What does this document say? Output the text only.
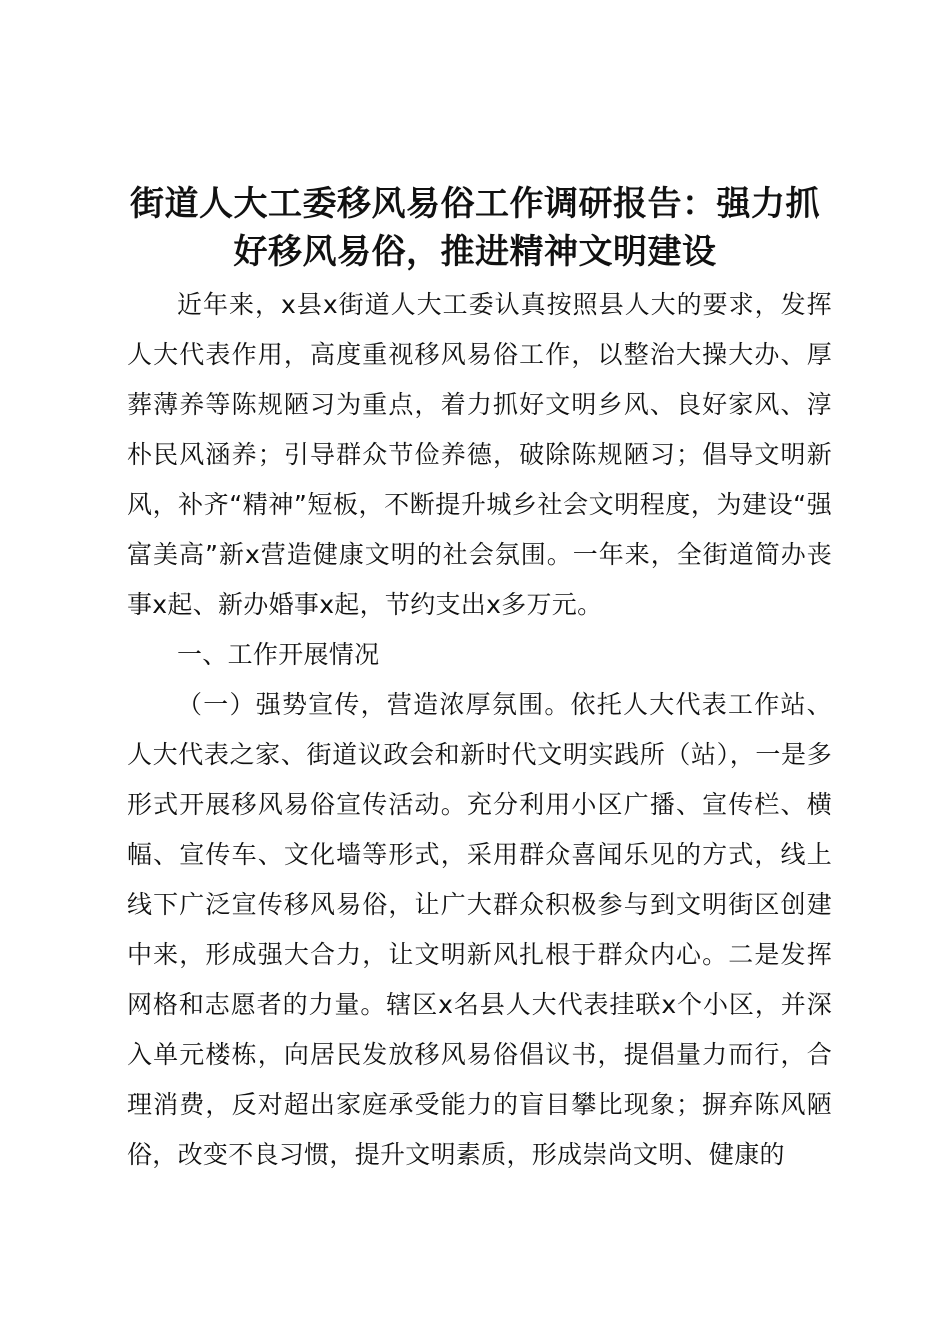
街道人大工委移风易俗工作调研报告：强力抓
好移风易俗，推进精神文明建设

近年来，x县x街道人大工委认真按照县人大的要求，发挥人大代表作用，高度重视移风易俗工作，以整治大操大办、厚葬薄养等陈规陋习为重点，着力抓好文明乡风、良好家风、淳朴民风涵养；引导群众节俭养德，破除陈规陋习；倡导文明新风，补齐“精神”短板，不断提升城乡社会文明程度，为建设“强富美高”新x营造健康文明的社会氛围。一年来，全街道简办丧事x起、新办婚事x起，节约支出x多万元。

一、工作开展情况

（一）强势宣传，营造浓厚氛围。依托人大代表工作站、人大代表之家、街道议政会和新时代文明实践所（站），一是多形式开展移风易俗宣传活动。充分利用小区广播、宣传栏、横幅、宣传车、文化墙等形式，采用群众喜闻乐见的方式，线上线下广泛宣传移风易俗，让广大群众积极参与到文明街区创建中来，形成强大合力，让文明新风扎根于群众内心。二是发挥网格和志愿者的力量。辖区x名县人大代表挂联x个小区，并深入单元楼栋，向居民发放移风易俗倡议书，提倡量力而行，合理消费，反对超出家庭承受能力的盲目攀比现象；摒弃陈风陋俗，改变不良习惯，提升文明素质，形成崇尚文明、健康的
